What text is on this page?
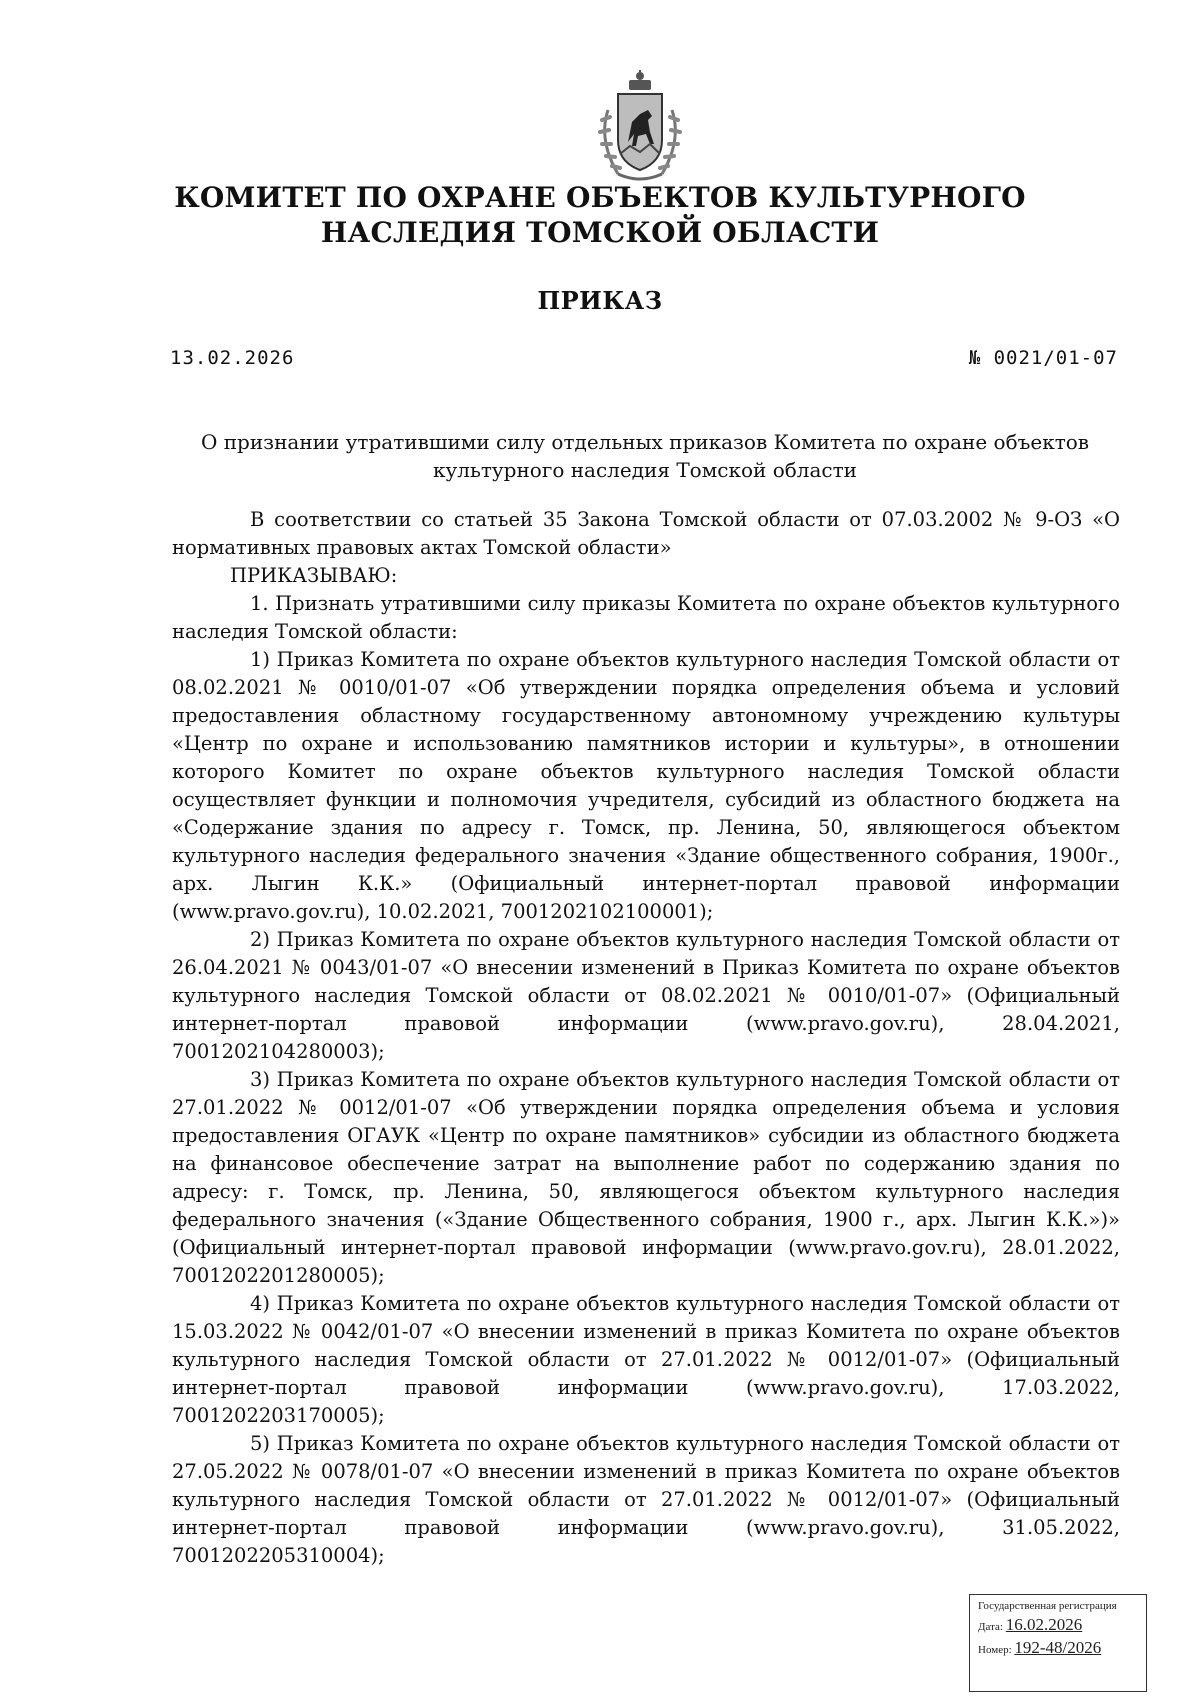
КОМИТЕТ ПО ОХРАНЕ ОБЪЕКТОВ КУЛЬТУРНОГО
НАСЛЕДИЯ ТОМСКОЙ ОБЛАСТИ
ПРИКАЗ
13.02.2026	№ 0021/01-07
О признании утратившими силу отдельных приказов Комитета по охране объектов
культурного наследия Томской области

В соответствии со статьей 35 Закона Томской области от 07.03.2002 № 9-ОЗ «О нормативных правовых актах Томской области»

ПРИКАЗЫВАЮ:

1. Признать утратившими силу приказы Комитета по охране объектов культурного наследия Томской области:

1) Приказ Комитета по охране объектов культурного наследия Томской области от 08.02.2021 № 0010/01-07 «Об утверждении порядка определения объема и условий предоставления областному государственному автономному учреждению культуры «Центр по охране и использованию памятников истории и культуры», в отношении которого Комитет по охране объектов культурного наследия Томской области осуществляет функции и полномочия учредителя, субсидий из областного бюджета на «Содержание здания по адресу г. Томск, пр. Ленина, 50, являющегося объектом культурного наследия федерального значения «Здание общественного собрания, 1900г., арх. Лыгин К.К.» (Официальный интернет-портал правовой информации (www.pravo.gov.ru), 10.02.2021, 7001202102100001);

2) Приказ Комитета по охране объектов культурного наследия Томской области от 26.04.2021 № 0043/01-07 «О внесении изменений в Приказ Комитета по охране объектов культурного наследия Томской области от 08.02.2021 № 0010/01-07» (Официальный интернет-портал правовой информации (www.pravo.gov.ru), 28.04.2021, 7001202104280003);

3) Приказ Комитета по охране объектов культурного наследия Томской области от 27.01.2022 № 0012/01-07 «Об утверждении порядка определения объема и условия предоставления ОГАУК «Центр по охране памятников» субсидии из областного бюджета на финансовое обеспечение затрат на выполнение работ по содержанию здания по адресу: г. Томск, пр. Ленина, 50, являющегося объектом культурного наследия федерального значения («Здание Общественного собрания, 1900 г., арх. Лыгин К.К.»)» (Официальный интернет-портал правовой информации (www.pravo.gov.ru), 28.01.2022, 7001202201280005);

4) Приказ Комитета по охране объектов культурного наследия Томской области от 15.03.2022 № 0042/01-07 «О внесении изменений в приказ Комитета по охране объектов культурного наследия Томской области от 27.01.2022 № 0012/01-07» (Официальный интернет-портал правовой информации (www.pravo.gov.ru), 17.03.2022, 7001202203170005);

5) Приказ Комитета по охране объектов культурного наследия Томской области от 27.05.2022 № 0078/01-07 «О внесении изменений в приказ Комитета по охране объектов культурного наследия Томской области от 27.01.2022 № 0012/01-07» (Официальный интернет-портал правовой информации (www.pravo.gov.ru), 31.05.2022, 7001202205310004);

Государственная регистрация
Дата: 16.02.2026
Номер: 192-48/2026
